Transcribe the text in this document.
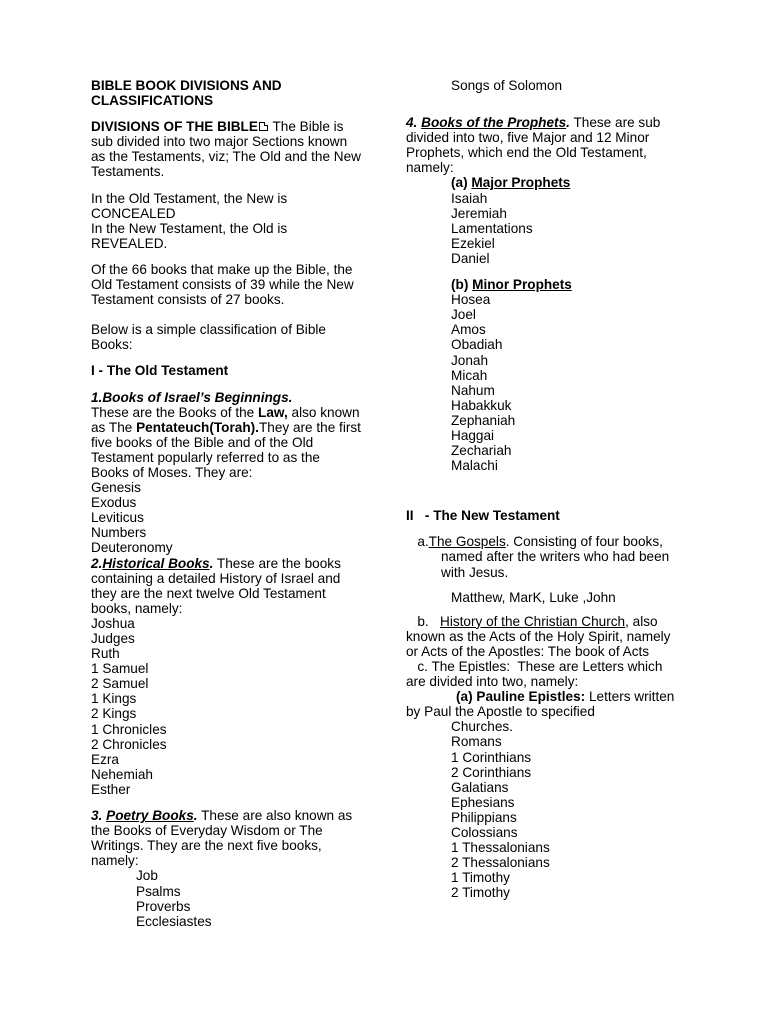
BIBLE BOOK DIVISIONS AND
CLASSIFICATIONS

DIVISIONS OF THE BIBLE The Bible is sub divided into two major Sections known as the Testaments, viz; The Old and the New Testaments.

In the Old Testament, the New is CONCEALED
In the New Testament, the Old is REVEALED.

Of the 66 books that make up the Bible, the Old Testament consists of 39 while the New Testament consists of 27 books.

Below is a simple classification of Bible Books:

I - The Old Testament

1.Books of Israel’s Beginnings.
These are the Books of the Law, also known as The Pentateuch(Torah).They are the first five books of the Bible and of the Old Testament popularly referred to as the Books of Moses. They are:

Genesis
Exodus
Leviticus
Numbers
Deuteronomy

2.Historical Books. These are the books containing a detailed History of Israel and they are the next twelve Old Testament books, namely:

Joshua
Judges
Ruth
1 Samuel
2 Samuel
1 Kings
2 Kings
1 Chronicles
2 Chronicles
Ezra
Nehemiah
Esther

3. Poetry Books. These are also known as the Books of Everyday Wisdom or The Writings. They are the next five books, namely:

Job
Psalms
Proverbs
Ecclesiastes

Songs of Solomon

4. Books of the Prophets. These are sub divided into two, five Major and 12 Minor Prophets, which end the Old Testament, namely:

(a) Major Prophets
Isaiah
Jeremiah
Lamentations
Ezekiel
Daniel
(b) Minor Prophets
Hosea
Joel
Amos
Obadiah
Jonah
Micah
Nahum
Habakkuk
Zephaniah
Haggai
Zechariah
Malachi

II   - The New Testament

a.The Gospels. Consisting of four books, named after the writers who had been with Jesus.

Matthew, MarK, Luke ,John

b.   History of the Christian Church, also known as the Acts of the Holy Spirit, namely or Acts of the Apostles: The book of Acts

c. The Epistles:  These are Letters which are divided into two, namely:

(a) Pauline Epistles: Letters written by Paul the Apostle to specified

Churches.
Romans
1 Corinthians
2 Corinthians
Galatians
Ephesians
Philippians
Colossians
1 Thessalonians
2 Thessalonians
1 Timothy
2 Timothy
